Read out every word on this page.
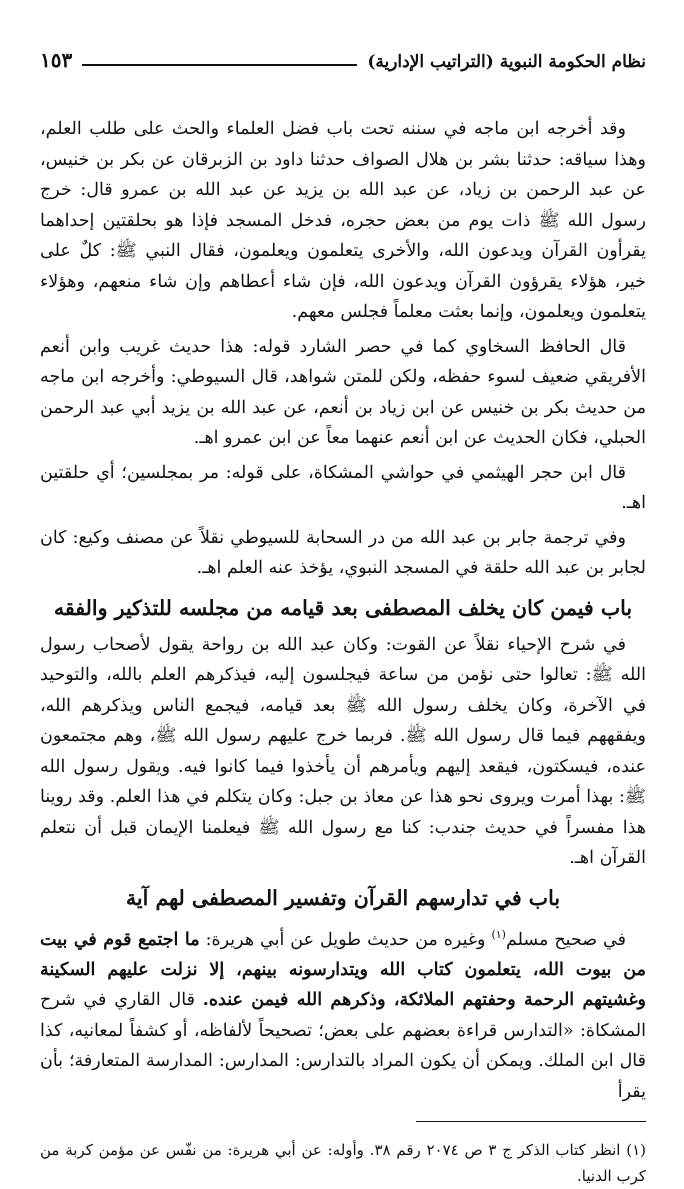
نظام الحكومة النبوية (التراتيب الإدارية)
١٥٣

وقد أخرجه ابن ماجه في سننه تحت باب فضل العلماء والحث على طلب العلم، وهذا سياقه: حدثنا بشر بن هلال الصواف حدثنا داود بن الزبرقان عن بكر بن خنيس، عن عبد الرحمن بن زياد، عن عبد الله بن يزيد عن عبد الله بن عمرو قال: خرج رسول الله ﷺ ذات يوم من بعض حجره، فدخل المسجد فإذا هو بحلقتين إحداهما يقرأون القرآن ويدعون الله، والأخرى يتعلمون ويعلمون، فقال النبي ﷺ: كلٌ على خير، هؤلاء يقرؤون القرآن ويدعون الله، فإن شاء أعطاهم وإن شاء منعهم، وهؤلاء يتعلمون ويعلمون، وإنما بعثت معلماً فجلس معهم.

قال الحافظ السخاوي كما في حصر الشارد قوله: هذا حديث غريب وابن أنعم الأفريقي ضعيف لسوء حفظه، ولكن للمتن شواهد، قال السيوطي: وأخرجه ابن ماجه من حديث بكر بن خنيس عن ابن زياد بن أنعم، عن عبد الله بن يزيد أبي عبد الرحمن الحبلي، فكان الحديث عن ابن أنعم عنهما معاً عن ابن عمرو اهـ.

قال ابن حجر الهيثمي في حواشي المشكاة، على قوله: مر بمجلسين؛ أي حلقتين اهـ.

وفي ترجمة جابر بن عبد الله من در السحابة للسيوطي نقلاً عن مصنف وكيع: كان لجابر بن عبد الله حلقة في المسجد النبوي، يؤخذ عنه العلم اهـ.

باب فيمن كان يخلف المصطفى بعد قيامه من مجلسه للتذكير والفقه

في شرح الإحياء نقلاً عن القوت: وكان عبد الله بن رواحة يقول لأصحاب رسول الله ﷺ: تعالوا حتى نؤمن من ساعة فيجلسون إليه، فيذكرهم العلم بالله، والتوحيد في الآخرة، وكان يخلف رسول الله ﷺ بعد قيامه، فيجمع الناس ويذكرهم الله، ويفقههم فيما قال رسول الله ﷺ. فربما خرج عليهم رسول الله ﷺ، وهم مجتمعون عنده، فيسكتون، فيقعد إليهم ويأمرهم أن يأخذوا فيما كانوا فيه. ويقول رسول الله ﷺ: بهذا أمرت ويروى نحو هذا عن معاذ بن جبل: وكان يتكلم في هذا العلم. وقد روينا هذا مفسراً في حديث جندب: كنا مع رسول الله ﷺ فيعلمنا الإيمان قبل أن نتعلم القرآن اهـ.

باب في تدارسهم القرآن وتفسير المصطفى لهم آية

في صحيح مسلم$^{(١)}$ وغيره من حديث طويل عن أبي هريرة: ما اجتمع قوم في بيت من بيوت الله، يتعلمون كتاب الله ويتدارسونه بينهم، إلا نزلت عليهم السكينة وغشيتهم الرحمة وحفتهم الملائكة، وذكرهم الله فيمن عنده. قال القاري في شرح المشكاة: «التدارس قراءة بعضهم على بعض؛ تصحيحاً لألفاظه، أو كشفاً لمعانيه، كذا قال ابن الملك. ويمكن أن يكون المراد بالتدارس: المدارس: المدارسة المتعارفة؛ بأن يقرأ

(١) انظر كتاب الذكر ج ٣ ص ٢٠٧٤ رقم ٣٨. وأوله: عن أبي هريرة: من نفّس عن مؤمن كربة من كرب الدنيا.
